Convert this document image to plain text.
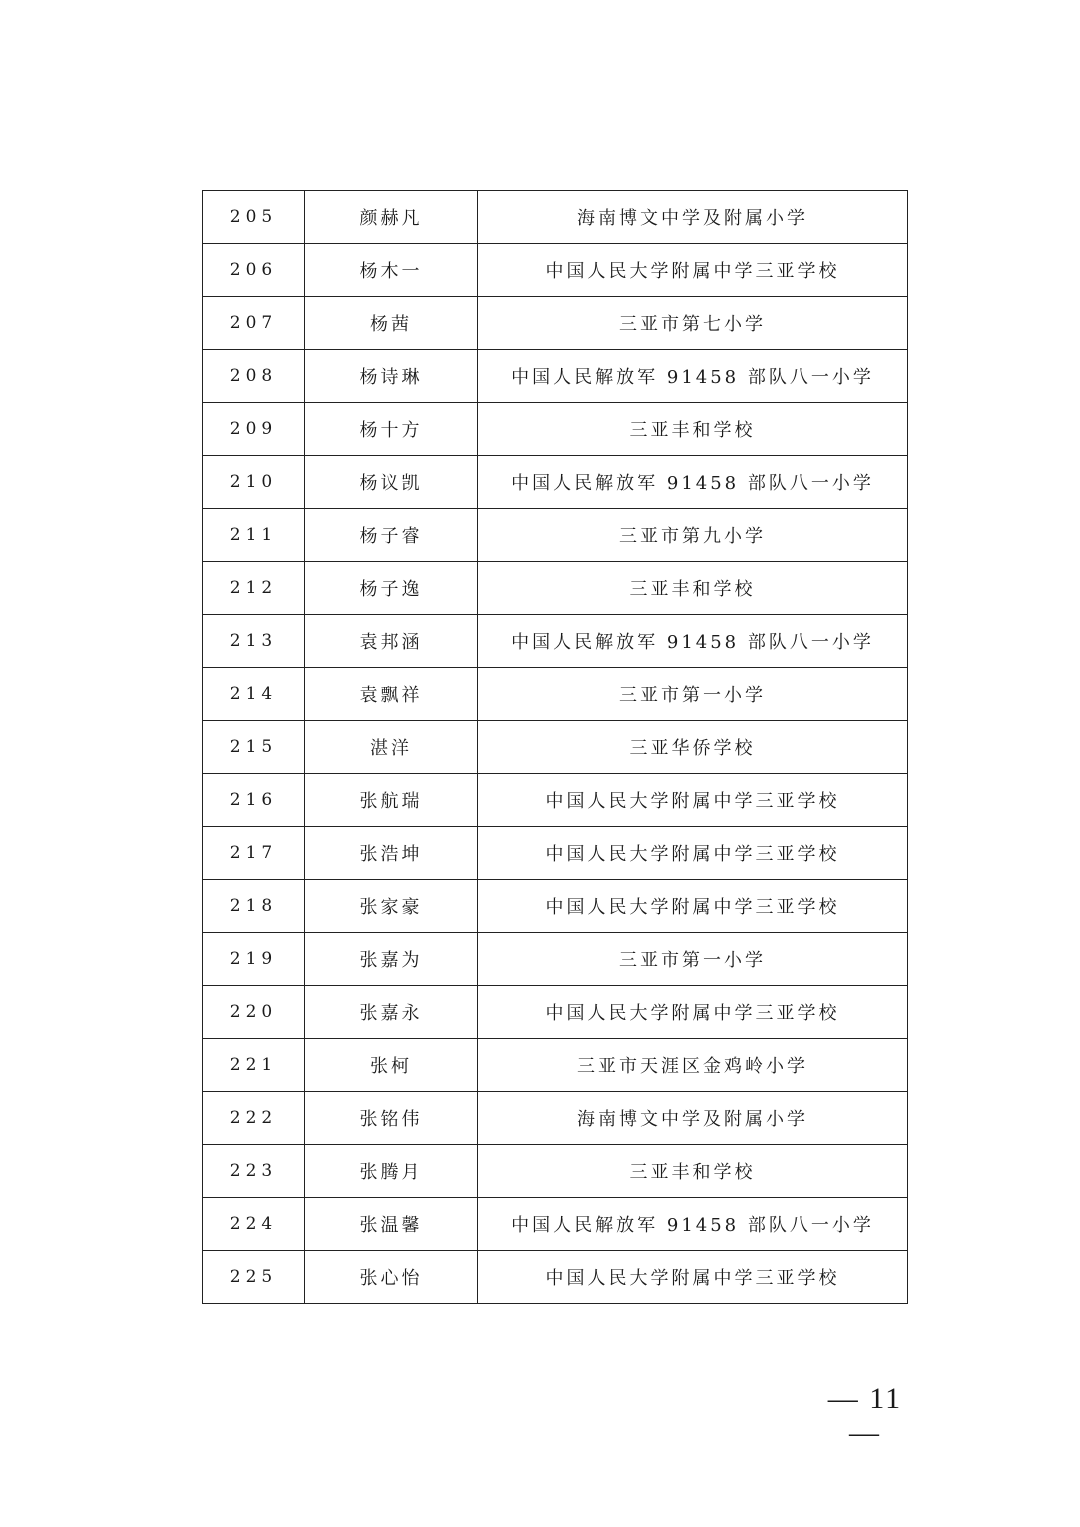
205	颜赫凡	海南博文中学及附属小学
206	杨木一	中国人民大学附属中学三亚学校
207	杨茜	三亚市第七小学
208	杨诗琳	中国人民解放军 91458 部队八一小学
209	杨十方	三亚丰和学校
210	杨议凯	中国人民解放军 91458 部队八一小学
211	杨子睿	三亚市第九小学
212	杨子逸	三亚丰和学校
213	袁邦涵	中国人民解放军 91458 部队八一小学
214	袁飘祥	三亚市第一小学
215	湛洋	三亚华侨学校
216	张航瑞	中国人民大学附属中学三亚学校
217	张浩坤	中国人民大学附属中学三亚学校
218	张家豪	中国人民大学附属中学三亚学校
219	张嘉为	三亚市第一小学
220	张嘉永	中国人民大学附属中学三亚学校
221	张柯	三亚市天涯区金鸡岭小学
222	张铭伟	海南博文中学及附属小学
223	张腾月	三亚丰和学校
224	张温馨	中国人民解放军 91458 部队八一小学
225	张心怡	中国人民大学附属中学三亚学校
— 11 —
